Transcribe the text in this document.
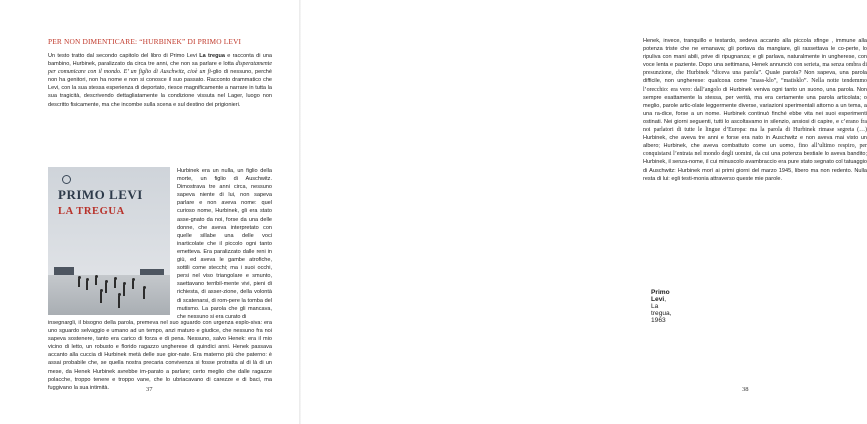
PER NON DIMENTICARE: “HURBINEK” DI PRIMO LEVI
Un testo tratto dal secondo capitolo del libro di Primo Levi La tregua e racconta di una bambino, Hurbinek, paralizzato da circa tre anni, che non sa parlare e lotta disperatamente per comunicare con il mondo. E’ un figlio di Auschwitz, cioè un fi-glio di nessuno, perché non ha genitori, non ha nome e non si conosce il suo passato. Racconto drammatico che Levi, con la sua stessa esperienza di deportato, riesce magnificamente a narrare in tutta la sua tragicità, descrivendo dettagliatamente la condizione vissuta nel Lager, luogo non descritto fisicamente, ma che incombe sulla scena e sul destino dei prigionieri.
PRIMO LEVI
LA TREGUA
Hurbinek era un nulla, un figlio della morte, un figlio di Auschwitz. Dimostrava tre anni circa, nessuno sapeva niente di lui, non sapeva parlare e non aveva nome: quel curioso nome, Hurbinek, gli era stato asse-gnato da noi, forse da una delle donne, che aveva interpretato con quelle sillabe una delle voci inarticolate che il piccolo ogni tanto emetteva. Era paralizzato dalle reni in giù, ed aveva le gambe atrofiche, sottili come stecchi; ma i suoi occhi, persi nel viso triangolare e smunto, saettavano terribil-mente vivi, pieni di richiesta, di asser-zione, della volontà di scatenarsi, di rom-pere la tomba del mutismo. La parola che gli mancava, che nessuno si era curato di
insegnargli, il bisogno della parola, premeva nel suo sguardo con urgenza esplo-siva: era uno sguardo selvaggio e umano ad un tempo, anzi maturo e giudice, che nessuno fra noi sapeva sostenere, tanto era carico di forza e di pena. Nessuno, salvo Henek: era il mio vicino di letto, un robusto e florido ragazzo ungherese di quindici anni. Henek passava accanto alla cuccia di Hurbinek metà delle sue gior-nate. Era materno più che paterno: è assai probabile che, se quella nostra precaria convivenza si fosse protratta al di là di un mese, da Henek Hurbinek avrebbe im-parato a parlare; certo meglio che dalle ragazze polacche, troppo tenere e troppo vane, che lo ubriacavano di carezze e di baci, ma fuggivano la sua intimità.	37
Henek, invece, tranquillo e testardo, sedeva accanto alla piccola sfinge , immune alla potenza triste che ne emanava; gli portava da mangiare, gli rassettava le co-perte, lo ripuliva con mani abili, prive di ripugnanza; e gli parlava, naturalmente in ungherese, con voce lenta e paziente. Dopo una settimana, Henek annunciò con serieta, ma senza ombra di presunzione, che Hurbinek “diceva una parola”. Quale parola? Non sapeva, una parola difficile, non ungherese: qualcosa come “mass-klo”, “matisklo”. Nella notte tendemmo l’orecchio: era vero: dall’angolo di Hurbinek veniva ogni tanto un suono, una parola. Non sempre esattamente la stessa, per verità, ma era certamente una parola articolata; o meglio, parole artic-olate leggermente diverse, variazioni sperimentali attorno a un tema, a una ra-dice, forse a un nome. Hurbinek continuò finché ebbe vita nei suoi esperimenti ostinati. Nei giorni seguenti, tutti lo ascoltavamo in silenzio, ansiosi di capire, e c’erano fra noi parlatori di tutte le lingue d’Europa: ma la parola di Hurbinek rimase segreta (…) Hurbinek, che aveva tre anni e forse era nato in Auschwitz e non aveva mai visto un albero; Hurbinek, che aveva combattuto come un uomo, fino all’ultimo respiro, per conquistarsi l’entrata nel mondo degli uomini, da cui una potenza bestiale lo aveva bandito; Hurbinek, il senza-nome, il cui minuscolo avambraccio era pure stato segnato col tatuaggio di Auschwitz: Hurbinek morì ai primi giorni del marzo 1945, libero ma non redento. Nulla resta di lui: egli testi-monia attraverso queste mie parole.
Primo Levi, La tregua, 1963
38
